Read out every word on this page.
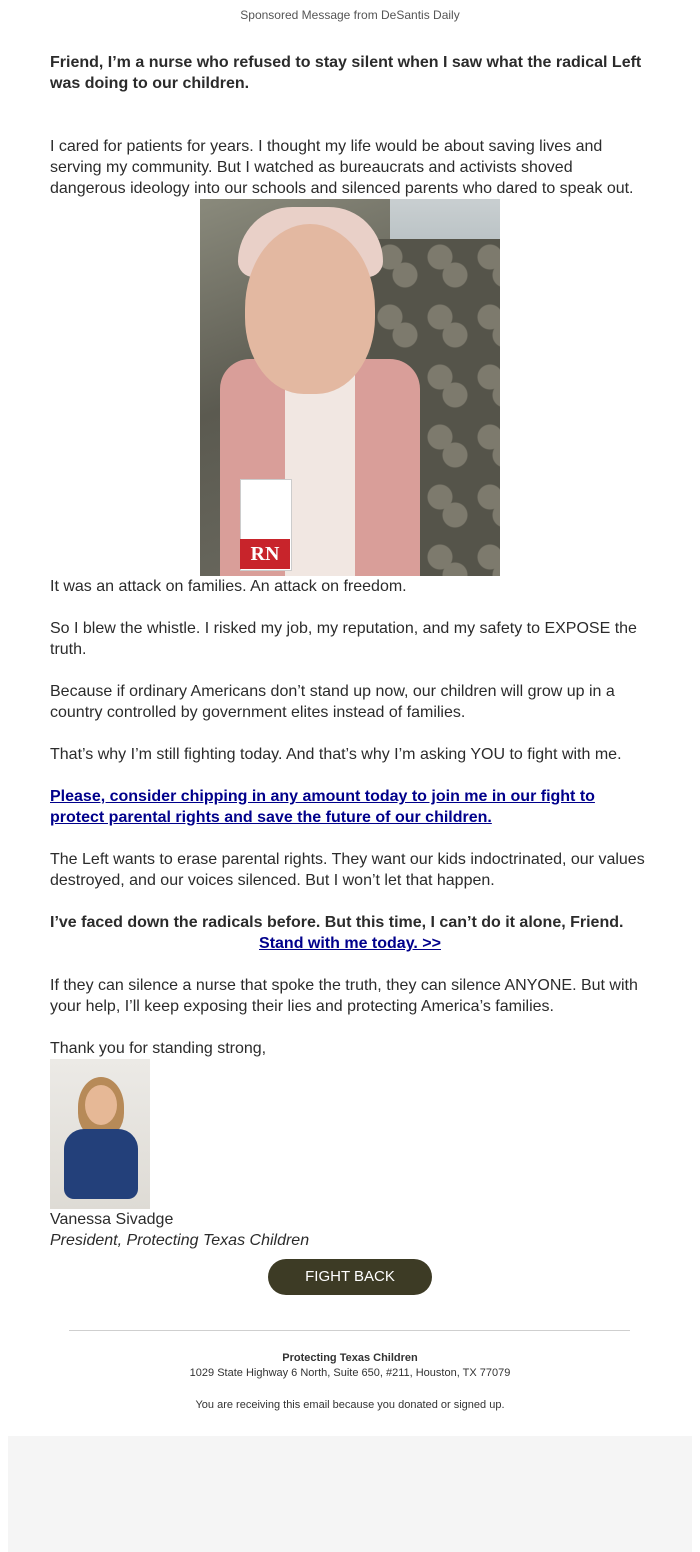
Sponsored Message from DeSantis Daily

Friend, I’m a nurse who refused to stay silent when I saw what the radical Left was doing to our children.

I cared for patients for years. I thought my life would be about saving lives and serving my community. But I watched as bureaucrats and activists shoved dangerous ideology into our schools and silenced parents who dared to speak out.

RN

It was an attack on families. An attack on freedom.

So I blew the whistle. I risked my job, my reputation, and my safety to EXPOSE the truth.

Because if ordinary Americans don’t stand up now, our children will grow up in a country controlled by government elites instead of families.

That’s why I’m still fighting today. And that’s why I’m asking YOU to fight with me.

Please, consider chipping in any amount today to join me in our fight to protect parental rights and save the future of our children.

The Left wants to erase parental rights. They want our kids indoctrinated, our values destroyed, and our voices silenced. But I won’t let that happen.

I’ve faced down the radicals before. But this time, I can’t do it alone, Friend.

Stand with me today. >>

If they can silence a nurse that spoke the truth, they can silence ANYONE. But with your help, I’ll keep exposing their lies and protecting America’s families.

Thank you for standing strong,

Vanessa Sivadge

President, Protecting Texas Children

FIGHT BACK
Protecting Texas Children
1029 State Highway 6 North, Suite 650, #211, Houston, TX 77079
You are receiving this email because you donated or signed up.
